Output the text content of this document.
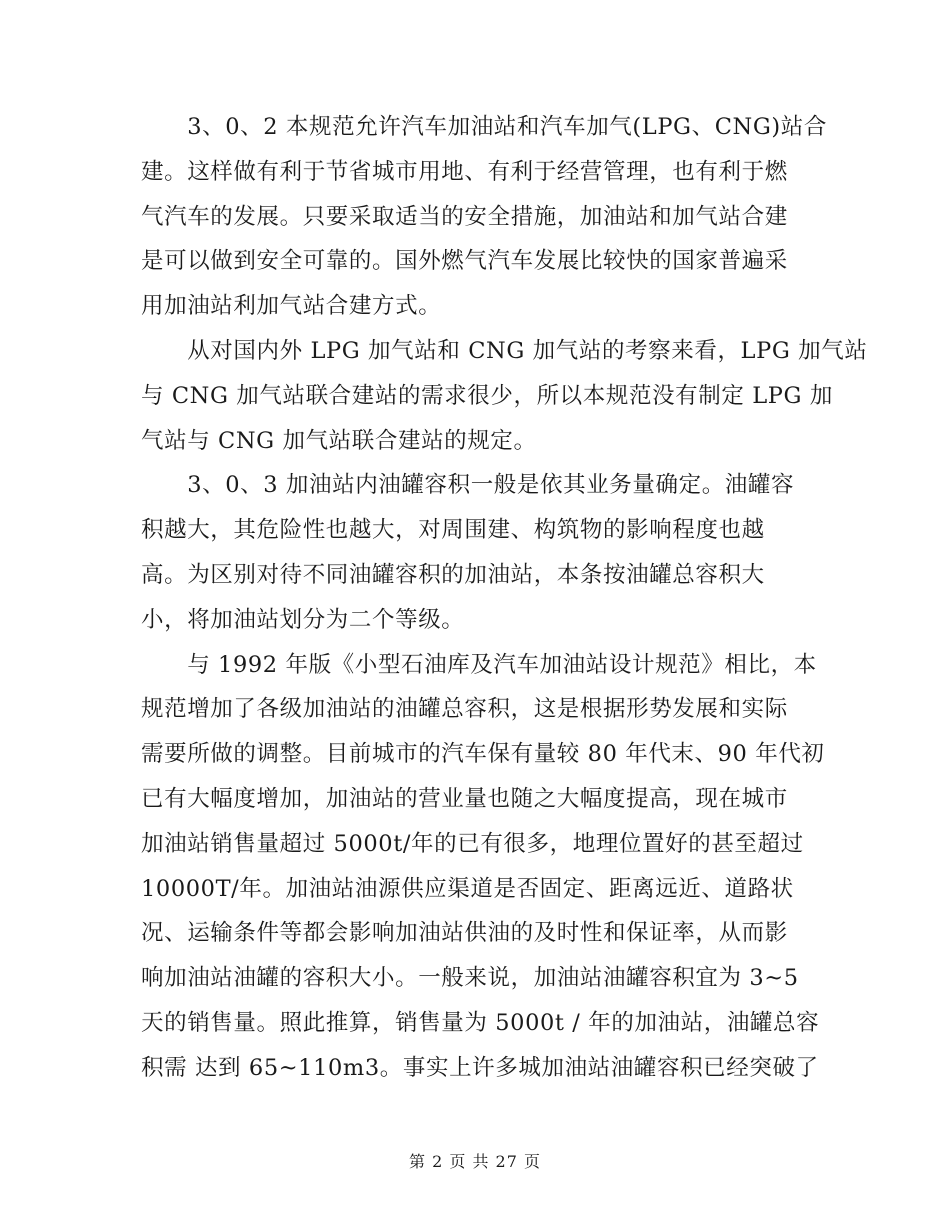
　　3、0、2 本规范允许汽车加油站和汽车加气(LPG、CNG)站合
建。这样做有利于节省城市用地、有利于经营管理，也有利于燃
气汽车的发展。只要采取适当的安全措施，加油站和加气站合建
是可以做到安全可靠的。国外燃气汽车发展比较快的国家普遍采
用加油站利加气站合建方式。
　　从对国内外 LPG 加气站和 CNG 加气站的考察来看，LPG 加气站
与 CNG 加气站联合建站的需求很少，所以本规范没有制定 LPG 加
气站与 CNG 加气站联合建站的规定。
　　3、0、3 加油站内油罐容积一般是依其业务量确定。油罐容
积越大，其危险性也越大，对周围建、构筑物的影响程度也越
高。为区别对待不同油罐容积的加油站，本条按油罐总容积大
小，将加油站划分为二个等级。
　　与 1992 年版《小型石油库及汽车加油站设计规范》相比，本
规范增加了各级加油站的油罐总容积，这是根据形势发展和实际
需要所做的调整。目前城市的汽车保有量较 80 年代末、90 年代初
已有大幅度增加，加油站的营业量也随之大幅度提高，现在城市
加油站销售量超过 5000t/年的已有很多，地理位置好的甚至超过
10000T/年。加油站油源供应渠道是否固定、距离远近、道路状
况、运输条件等都会影响加油站供油的及时性和保证率，从而影
响加油站油罐的容积大小。一般来说，加油站油罐容积宜为 3~5
天的销售量。照此推算，销售量为 5000t / 年的加油站，油罐总容
积需 达到 65~110m3。事实上许多城加油站油罐容积已经突破了
第 2 页 共 27 页
